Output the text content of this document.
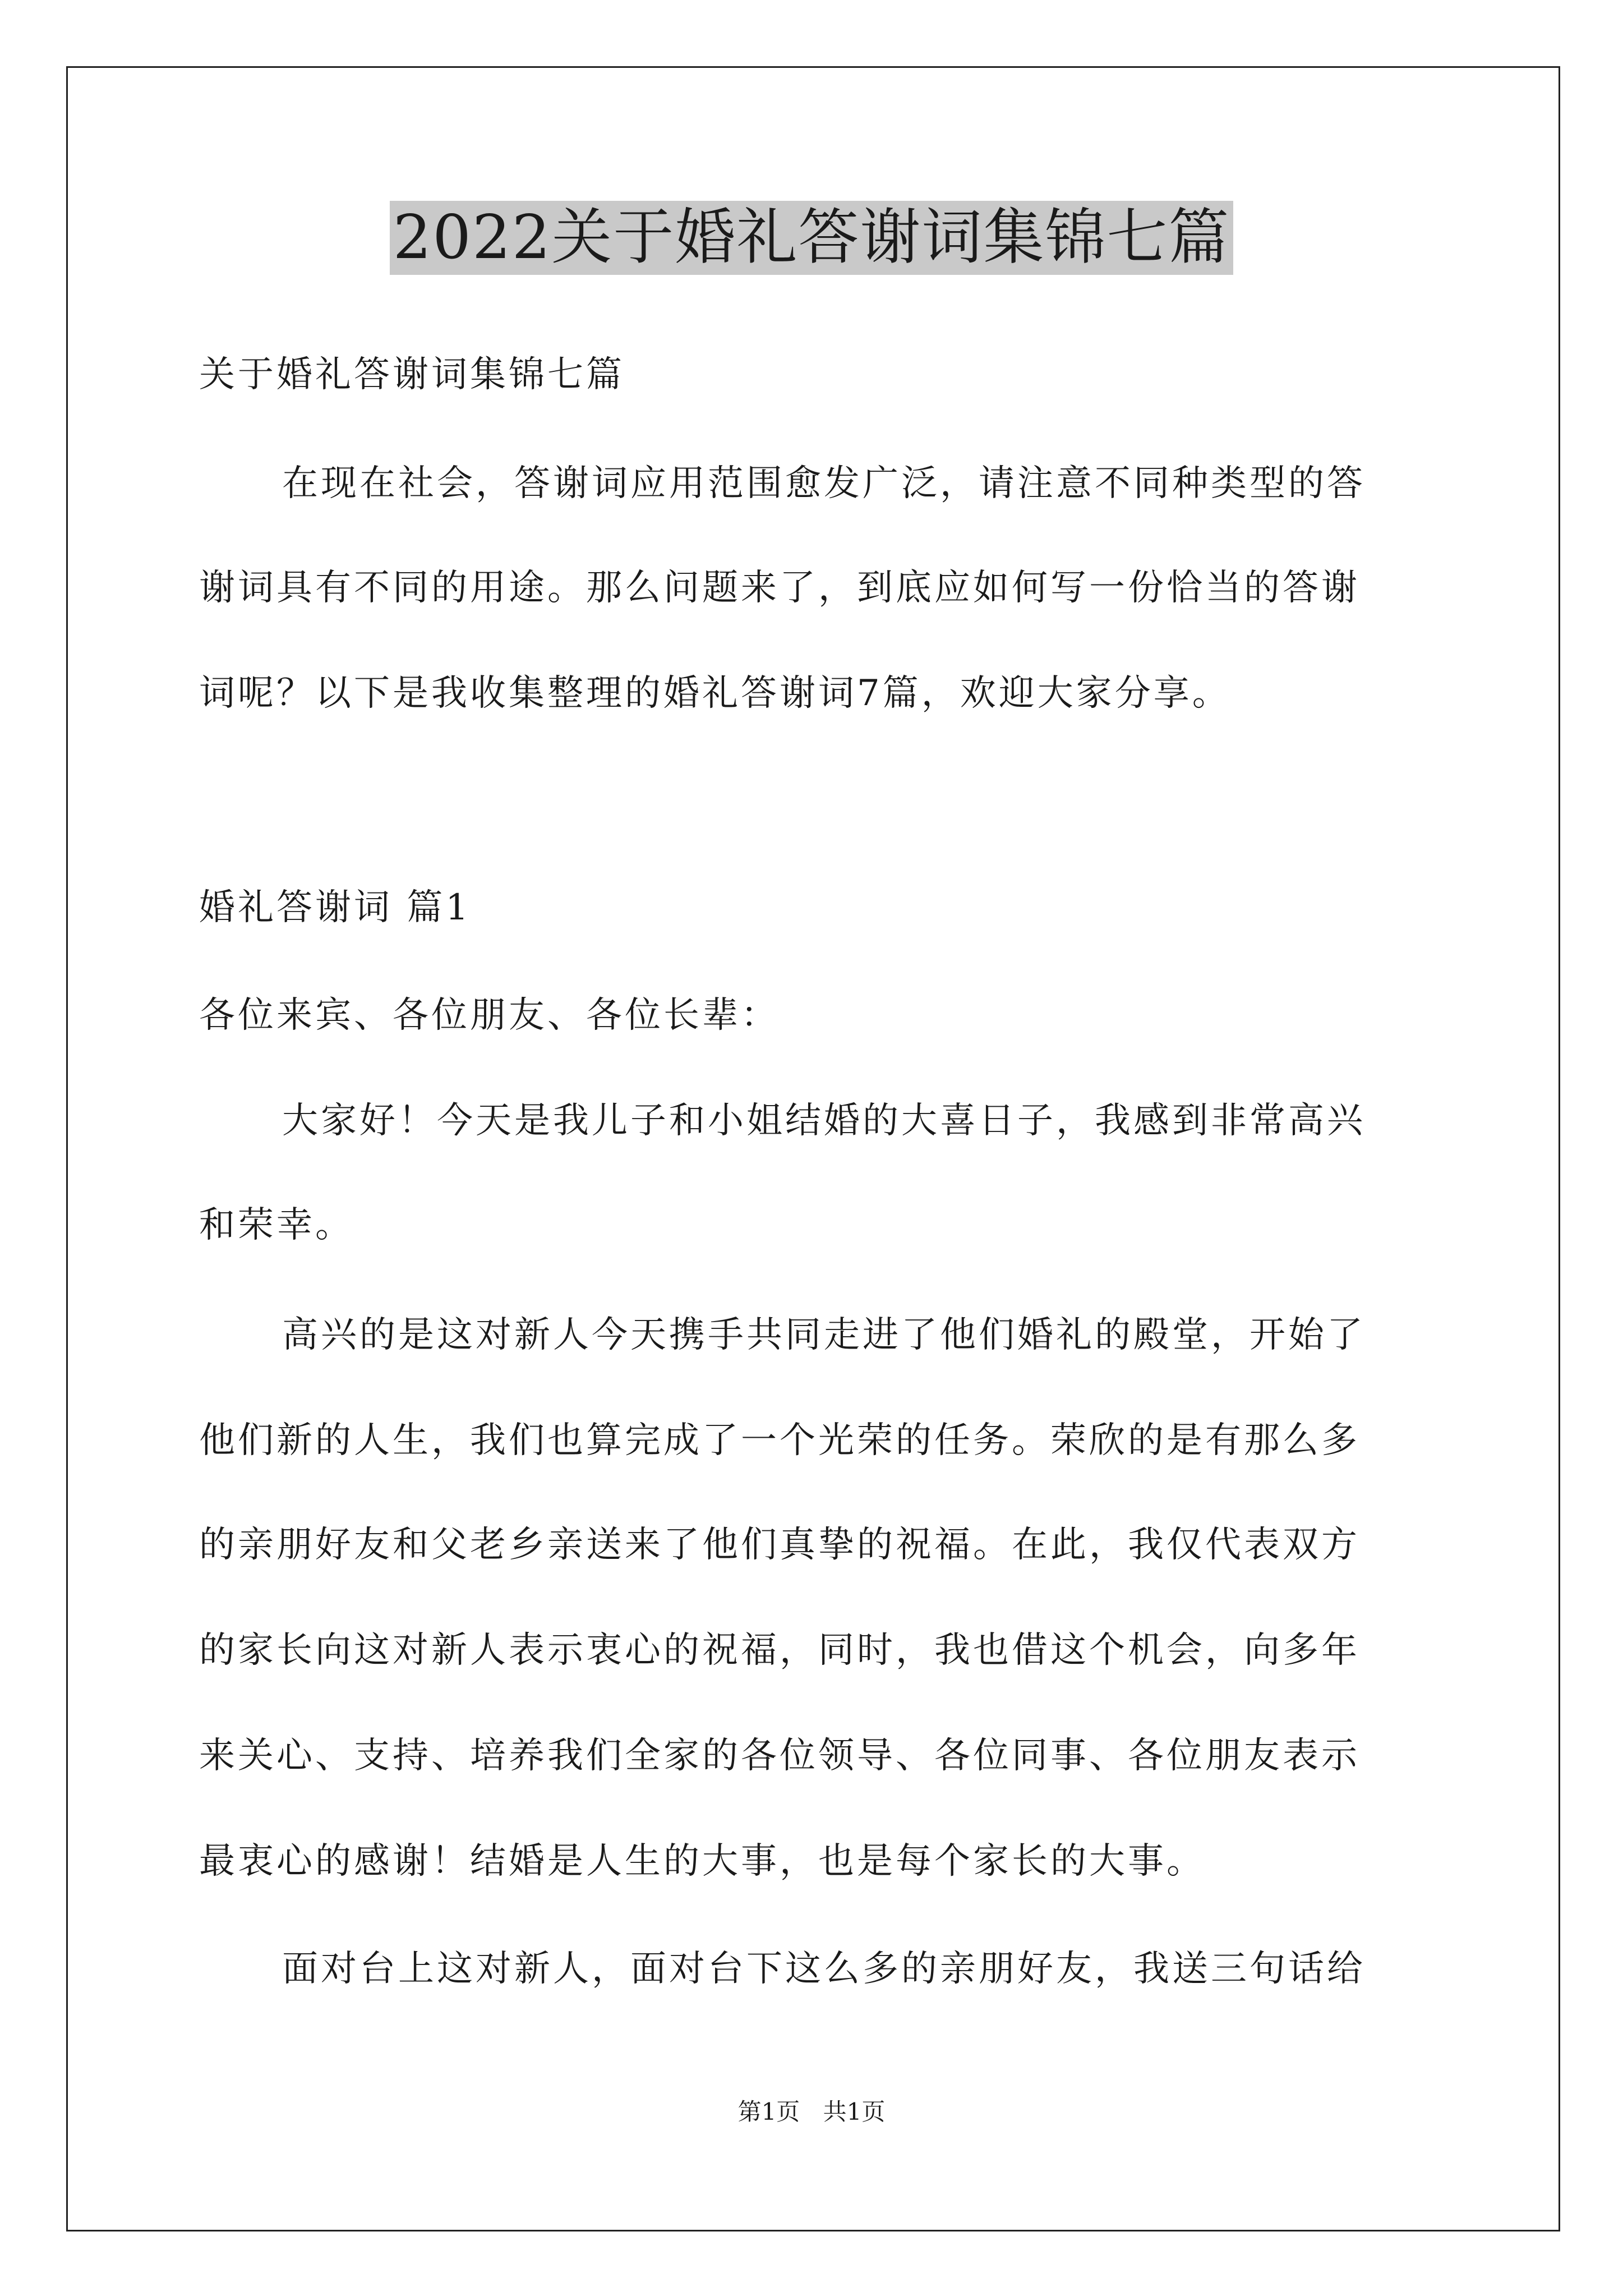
2022关于婚礼答谢词集锦七篇
关于婚礼答谢词集锦七篇
在现在社会，答谢词应用范围愈发广泛，请注意不同种类型的答
谢词具有不同的用途。那么问题来了，到底应如何写一份恰当的答谢
词呢？以下是我收集整理的婚礼答谢词7篇，欢迎大家分享。
婚礼答谢词 篇1
各位来宾、各位朋友、各位长辈：
大家好！今天是我儿子和小姐结婚的大喜日子，我感到非常高兴
和荣幸。
高兴的是这对新人今天携手共同走进了他们婚礼的殿堂，开始了
他们新的人生，我们也算完成了一个光荣的任务。荣欣的是有那么多
的亲朋好友和父老乡亲送来了他们真挚的祝福。在此，我仅代表双方
的家长向这对新人表示衷心的祝福，同时，我也借这个机会，向多年
来关心、支持、培养我们全家的各位领导、各位同事、各位朋友表示
最衷心的感谢！结婚是人生的大事，也是每个家长的大事。
面对台上这对新人，面对台下这么多的亲朋好友，我送三句话给
第1页 共1页
